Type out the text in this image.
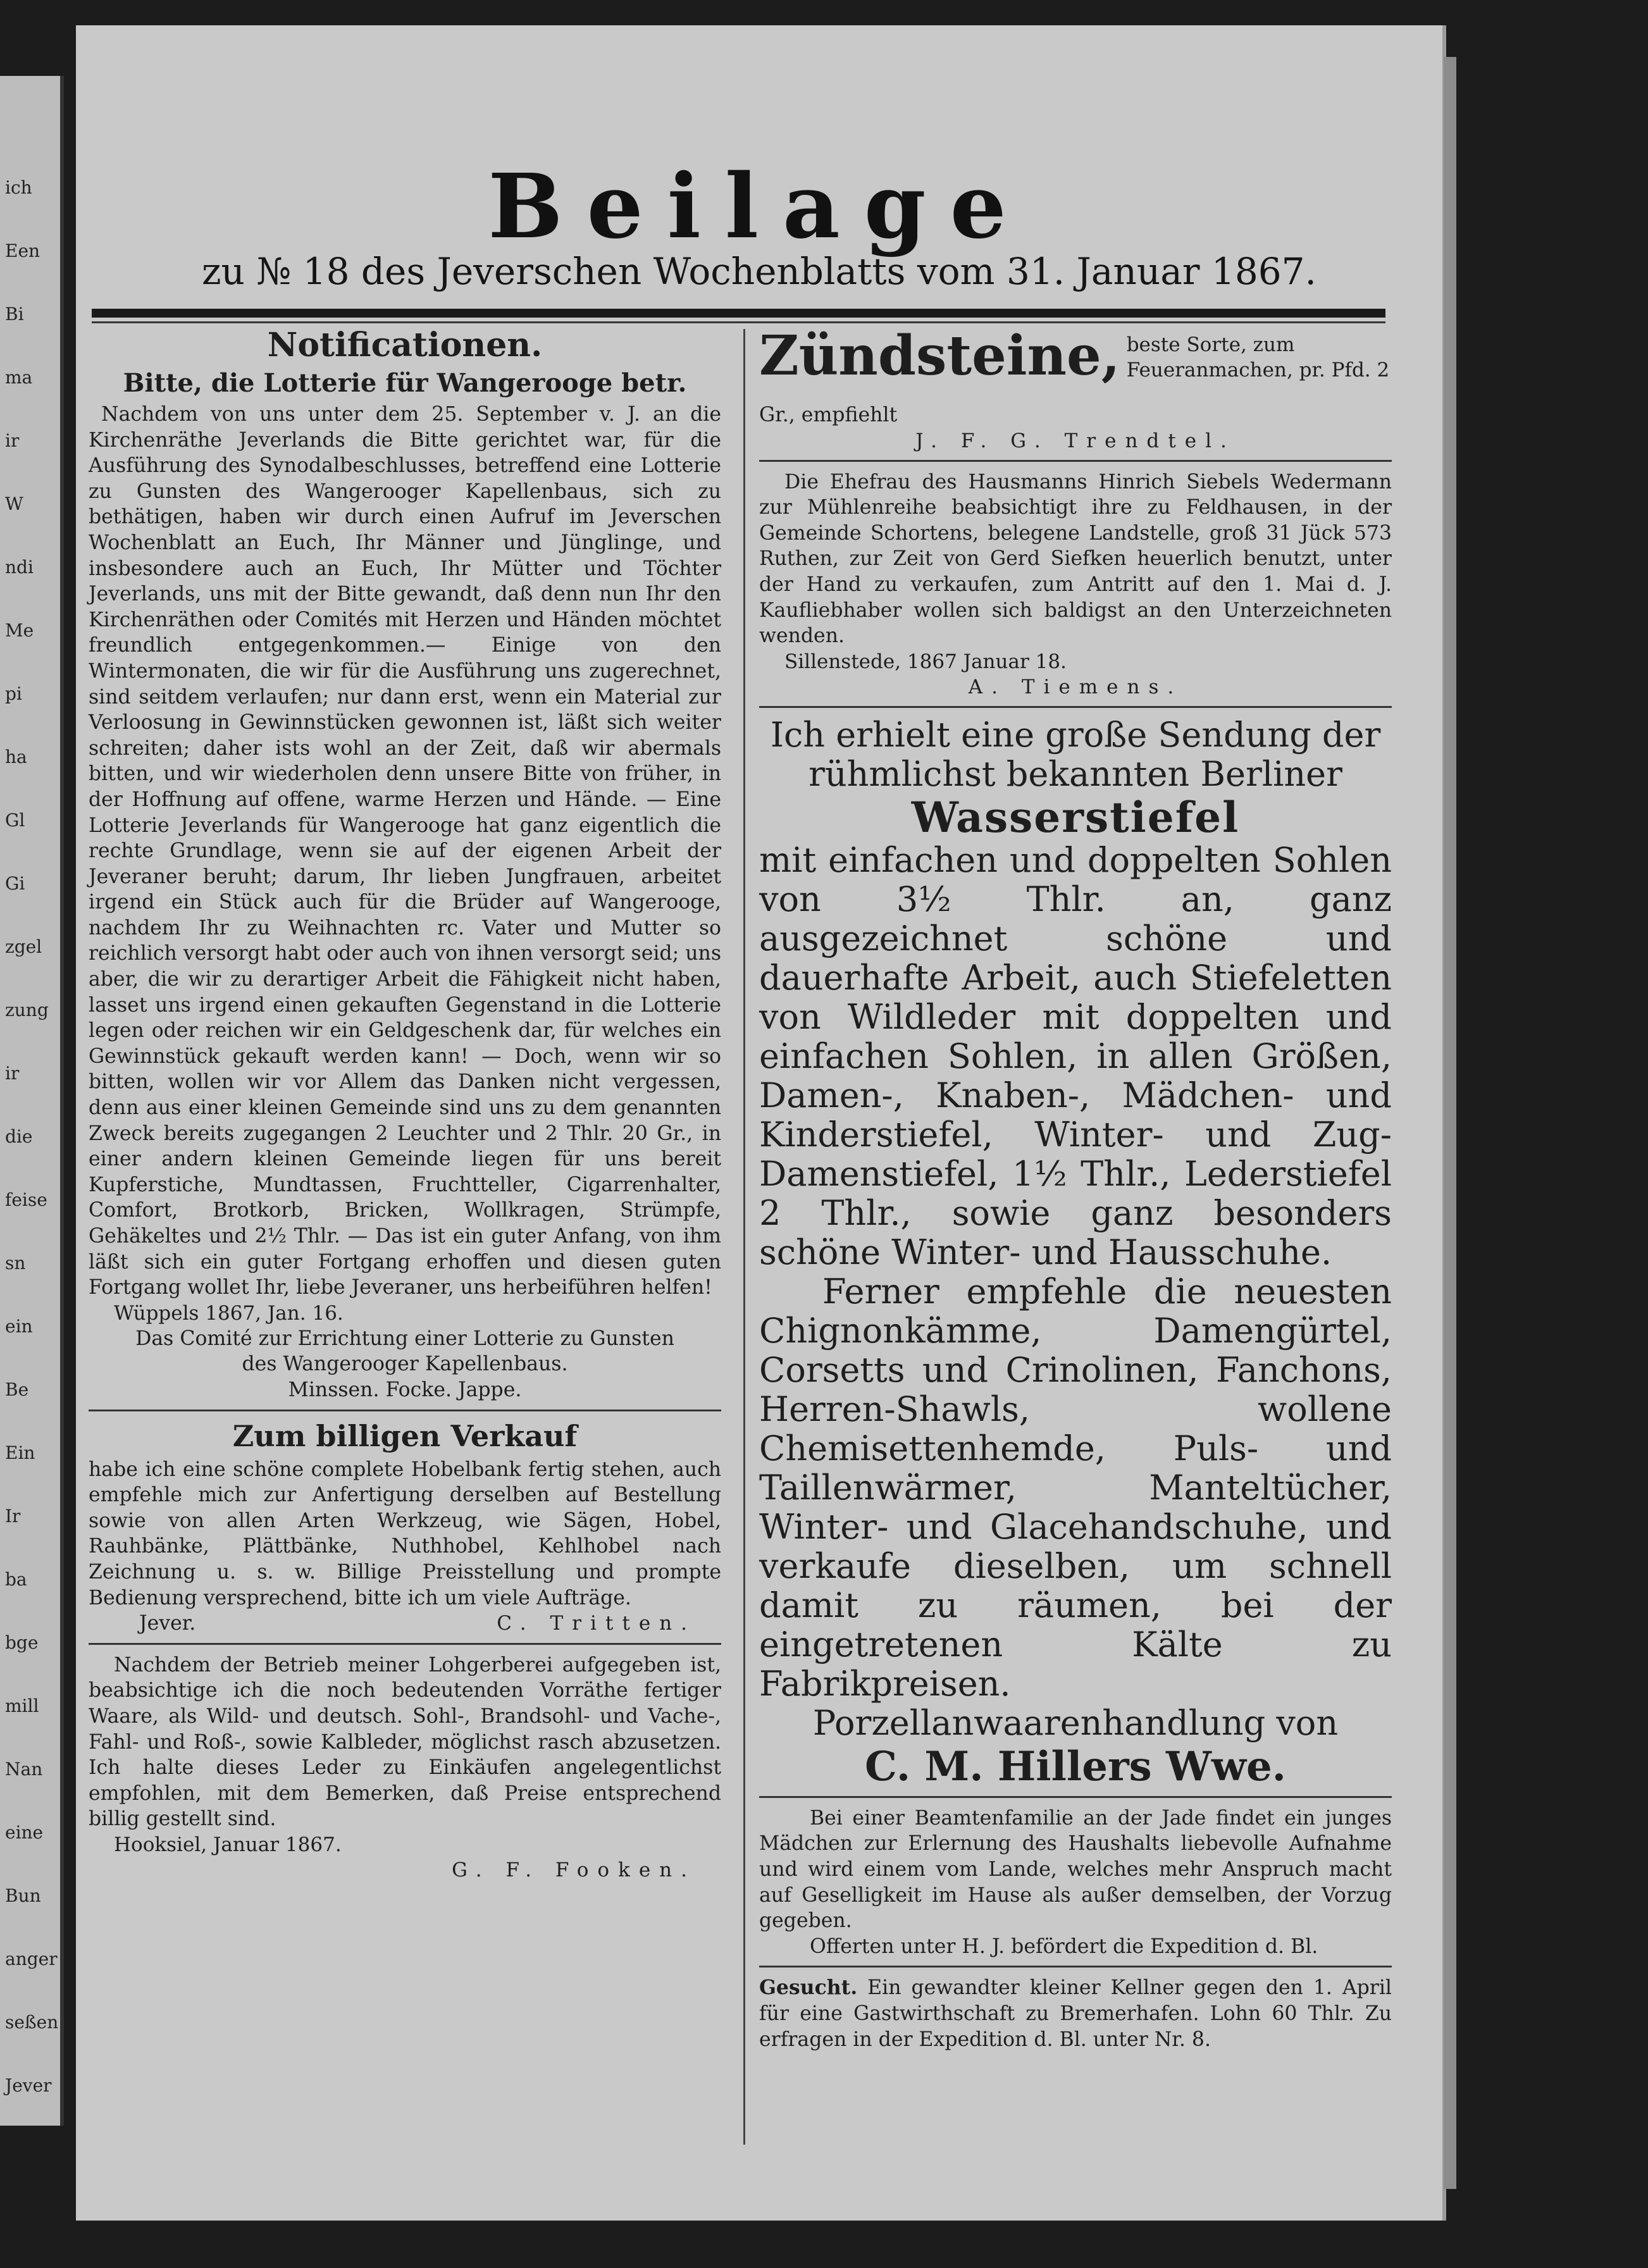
ich
Een
Bi
ma
ir
W
ndi
Me
pi
ha
Gl
Gi
zgel
zung
ir
die
feise
sn
ein
Be
Ein
Ir
ba
bge
mill
Nan
eine
Bun
anger
seßen
Jever
Beilage
zu № 18 des Jeverschen Wochenblatts vom 31. Januar 1867.

Notificationen.

Bitte, die Lotterie für Wangerooge betr.

Nachdem von uns unter dem 25. September v. J. an die Kirchenräthe Jeverlands die Bitte gerichtet war, für die Ausführung des Synodalbeschlusses, betreffend eine Lotterie zu Gunsten des Wangerooger Kapellenbaus, sich zu bethätigen, haben wir durch einen Aufruf im Jeverschen Wochenblatt an Euch, Ihr Männer und Jünglinge, und insbesondere auch an Euch, Ihr Mütter und Töchter Jeverlands, uns mit der Bitte gewandt, daß denn nun Ihr den Kirchenräthen oder Comités mit Herzen und Händen möchtet freundlich entgegenkommen.— Einige von den Wintermonaten, die wir für die Ausführung uns zugerechnet, sind seitdem verlaufen; nur dann erst, wenn ein Material zur Verloosung in Gewinnstücken gewonnen ist, läßt sich weiter schreiten; daher ists wohl an der Zeit, daß wir abermals bitten, und wir wiederholen denn unsere Bitte von früher, in der Hoffnung auf offene, warme Herzen und Hände. — Eine Lotterie Jeverlands für Wangerooge hat ganz eigentlich die rechte Grundlage, wenn sie auf der eigenen Arbeit der Jeveraner beruht; darum, Ihr lieben Jungfrauen, arbeitet irgend ein Stück auch für die Brüder auf Wangerooge, nachdem Ihr zu Weihnachten rc. Vater und Mutter so reichlich versorgt habt oder auch von ihnen versorgt seid; uns aber, die wir zu derartiger Arbeit die Fähigkeit nicht haben, lasset uns irgend einen gekauften Gegenstand in die Lotterie legen oder reichen wir ein Geldgeschenk dar, für welches ein Gewinnstück gekauft werden kann! — Doch, wenn wir so bitten, wollen wir vor Allem das Danken nicht vergessen, denn aus einer kleinen Gemeinde sind uns zu dem genannten Zweck bereits zugegangen 2 Leuchter und 2 Thlr. 20 Gr., in einer andern kleinen Gemeinde liegen für uns bereit Kupferstiche, Mundtassen, Fruchtteller, Cigarrenhalter, Comfort, Brotkorb, Bricken, Wollkragen, Strümpfe, Gehäkeltes und 2½ Thlr. — Das ist ein guter Anfang, von ihm läßt sich ein guter Fortgang erhoffen und diesen guten Fortgang wollet Ihr, liebe Jeveraner, uns herbeiführen helfen!

Wüppels 1867, Jan. 16.

Das Comité zur Errichtung einer Lotterie zu Gunsten des Wangerooger Kapellenbaus.

Minssen. Focke. Jappe.

Zum billigen Verkauf

habe ich eine schöne complete Hobelbank fertig stehen, auch empfehle mich zur Anfertigung derselben auf Bestellung sowie von allen Arten Werkzeug, wie Sägen, Hobel, Rauhbänke, Plättbänke, Nuthhobel, Kehlhobel nach Zeichnung u. s. w. Billige Preisstellung und prompte Bedienung versprechend, bitte ich um viele Aufträge.

Jever.	C. Tritten.

Nachdem der Betrieb meiner Lohgerberei aufgegeben ist, beabsichtige ich die noch bedeutenden Vorräthe fertiger Waare, als Wild- und deutsch. Sohl-, Brandsohl- und Vache-, Fahl- und Roß-, sowie Kalbleder, möglichst rasch abzusetzen. Ich halte dieses Leder zu Einkäufen angelegentlichst empfohlen, mit dem Bemerken, daß Preise entsprechend billig gestellt sind.

Hooksiel, Januar 1867.

G. F. Fooken.

Zündsteine, beste Sorte, zum Feueranmachen, pr. Pfd. 2

Gr., empfiehlt

J. F. G. Trendtel.

Die Ehefrau des Hausmanns Hinrich Siebels Wedermann zur Mühlenreihe beabsichtigt ihre zu Feldhausen, in der Gemeinde Schortens, belegene Landstelle, groß 31 Jück 573 Ruthen, zur Zeit von Gerd Siefken heuerlich benutzt, unter der Hand zu verkaufen, zum Antritt auf den 1. Mai d. J. Kaufliebhaber wollen sich baldigst an den Unterzeichneten wenden.

Sillenstede, 1867 Januar 18.

A. Tiemens.

Ich erhielt eine große Sendung der rühmlichst bekannten Berliner

Wasserstiefel

mit einfachen und doppelten Sohlen von 3½ Thlr. an, ganz ausgezeichnet schöne und dauerhafte Arbeit, auch Stiefeletten von Wildleder mit doppelten und einfachen Sohlen, in allen Größen, Damen-, Knaben-, Mädchen- und Kinderstiefel, Winter- und Zug-Damenstiefel, 1½ Thlr., Lederstiefel 2 Thlr., sowie ganz besonders schöne Winter- und Hausschuhe.

Ferner empfehle die neuesten Chignonkämme, Damengürtel, Corsetts und Crinolinen, Fanchons, Herren-Shawls, wollene Chemisettenhemde, Puls- und Taillenwärmer, Manteltücher, Winter- und Glacehandschuhe, und verkaufe dieselben, um schnell damit zu räumen, bei der eingetretenen Kälte zu Fabrikpreisen.

Porzellanwaarenhandlung von

C. M. Hillers Wwe.

Bei einer Beamtenfamilie an der Jade findet ein junges Mädchen zur Erlernung des Haushalts liebevolle Aufnahme und wird einem vom Lande, welches mehr Anspruch macht auf Geselligkeit im Hause als außer demselben, der Vorzug gegeben.

Offerten unter H. J. befördert die Expedition d. Bl.

Gesucht. Ein gewandter kleiner Kellner gegen den 1. April für eine Gastwirthschaft zu Bremerhafen. Lohn 60 Thlr. Zu erfragen in der Expedition d. Bl. unter Nr. 8.
